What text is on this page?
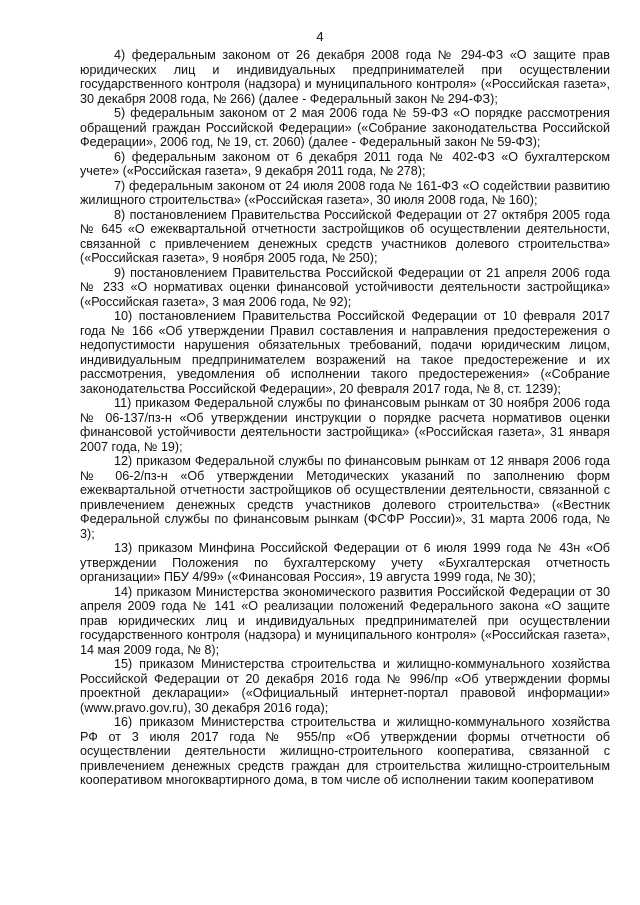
4

4) федеральным законом от 26 декабря 2008 года № 294-ФЗ «О защите прав юридических лиц и индивидуальных предпринимателей при осуществлении государственного контроля (надзора) и муниципального контроля» («Российская газета», 30 декабря 2008 года, № 266) (далее - Федеральный закон № 294-ФЗ);

5) федеральным законом от 2 мая 2006 года № 59-ФЗ «О порядке рассмотрения обращений граждан Российской Федерации» («Собрание законодательства Российской Федерации», 2006 год, № 19, ст. 2060) (далее - Федеральный закон № 59-ФЗ);

6) федеральным законом от 6 декабря 2011 года № 402-ФЗ «О бухгалтерском учете» («Российская газета», 9 декабря 2011 года, № 278);

7) федеральным законом от 24 июля 2008 года № 161-ФЗ «О содействии развитию жилищного строительства» («Российская газета», 30 июля 2008 года, № 160);

8) постановлением Правительства Российской Федерации от 27 октября 2005 года № 645 «О ежеквартальной отчетности застройщиков об осуществлении деятельности, связанной с привлечением денежных средств участников долевого строительства» («Российская газета», 9 ноября 2005 года, № 250);

9) постановлением Правительства Российской Федерации от 21 апреля 2006 года № 233 «О нормативах оценки финансовой устойчивости деятельности застройщика» («Российская газета», 3 мая 2006 года, № 92);

10) постановлением Правительства Российской Федерации от 10 февраля 2017 года № 166 «Об утверждении Правил составления и направления предостережения о недопустимости нарушения обязательных требований, подачи юридическим лицом, индивидуальным предпринимателем возражений на такое предостережение и их рассмотрения, уведомления об исполнении такого предостережения» («Собрание законодательства Российской Федерации», 20 февраля 2017 года, № 8, ст. 1239);

11) приказом Федеральной службы по финансовым рынкам от 30 ноября 2006 года № 06-137/пз-н «Об утверждении инструкции о порядке расчета нормативов оценки финансовой устойчивости деятельности застройщика» («Российская газета», 31 января 2007 года, № 19);

12) приказом Федеральной службы по финансовым рынкам от 12 января 2006 года № 06-2/пз-н «Об утверждении Методических указаний по заполнению форм ежеквартальной отчетности застройщиков об осуществлении деятельности, связанной с привлечением денежных средств участников долевого строительства» («Вестник Федеральной службы по финансовым рынкам (ФСФР России)», 31 марта 2006 года, № 3);

13) приказом Минфина Российской Федерации от 6 июля 1999 года № 43н «Об утверждении Положения по бухгалтерскому учету «Бухгалтерская отчетность организации» ПБУ 4/99» («Финансовая Россия», 19 августа 1999 года, № 30);

14) приказом Министерства экономического развития Российской Федерации от 30 апреля 2009 года № 141 «О реализации положений Федерального закона «О защите прав юридических лиц и индивидуальных предпринимателей при осуществлении государственного контроля (надзора) и муниципального контроля» («Российская газета», 14 мая 2009 года, № 8);

15) приказом Министерства строительства и жилищно-коммунального хозяйства Российской Федерации от 20 декабря 2016 года № 996/пр «Об утверждении формы проектной декларации» («Официальный интернет-портал правовой информации» (www.pravo.gov.ru), 30 декабря 2016 года);

16) приказом Министерства строительства и жилищно-коммунального хозяйства РФ от 3 июля 2017 года № 955/пр «Об утверждении формы отчетности об осуществлении деятельности жилищно-строительного кооператива, связанной с привлечением денежных средств граждан для строительства жилищно-строительным кооперативом многоквартирного дома, в том числе об исполнении таким кооперативом
